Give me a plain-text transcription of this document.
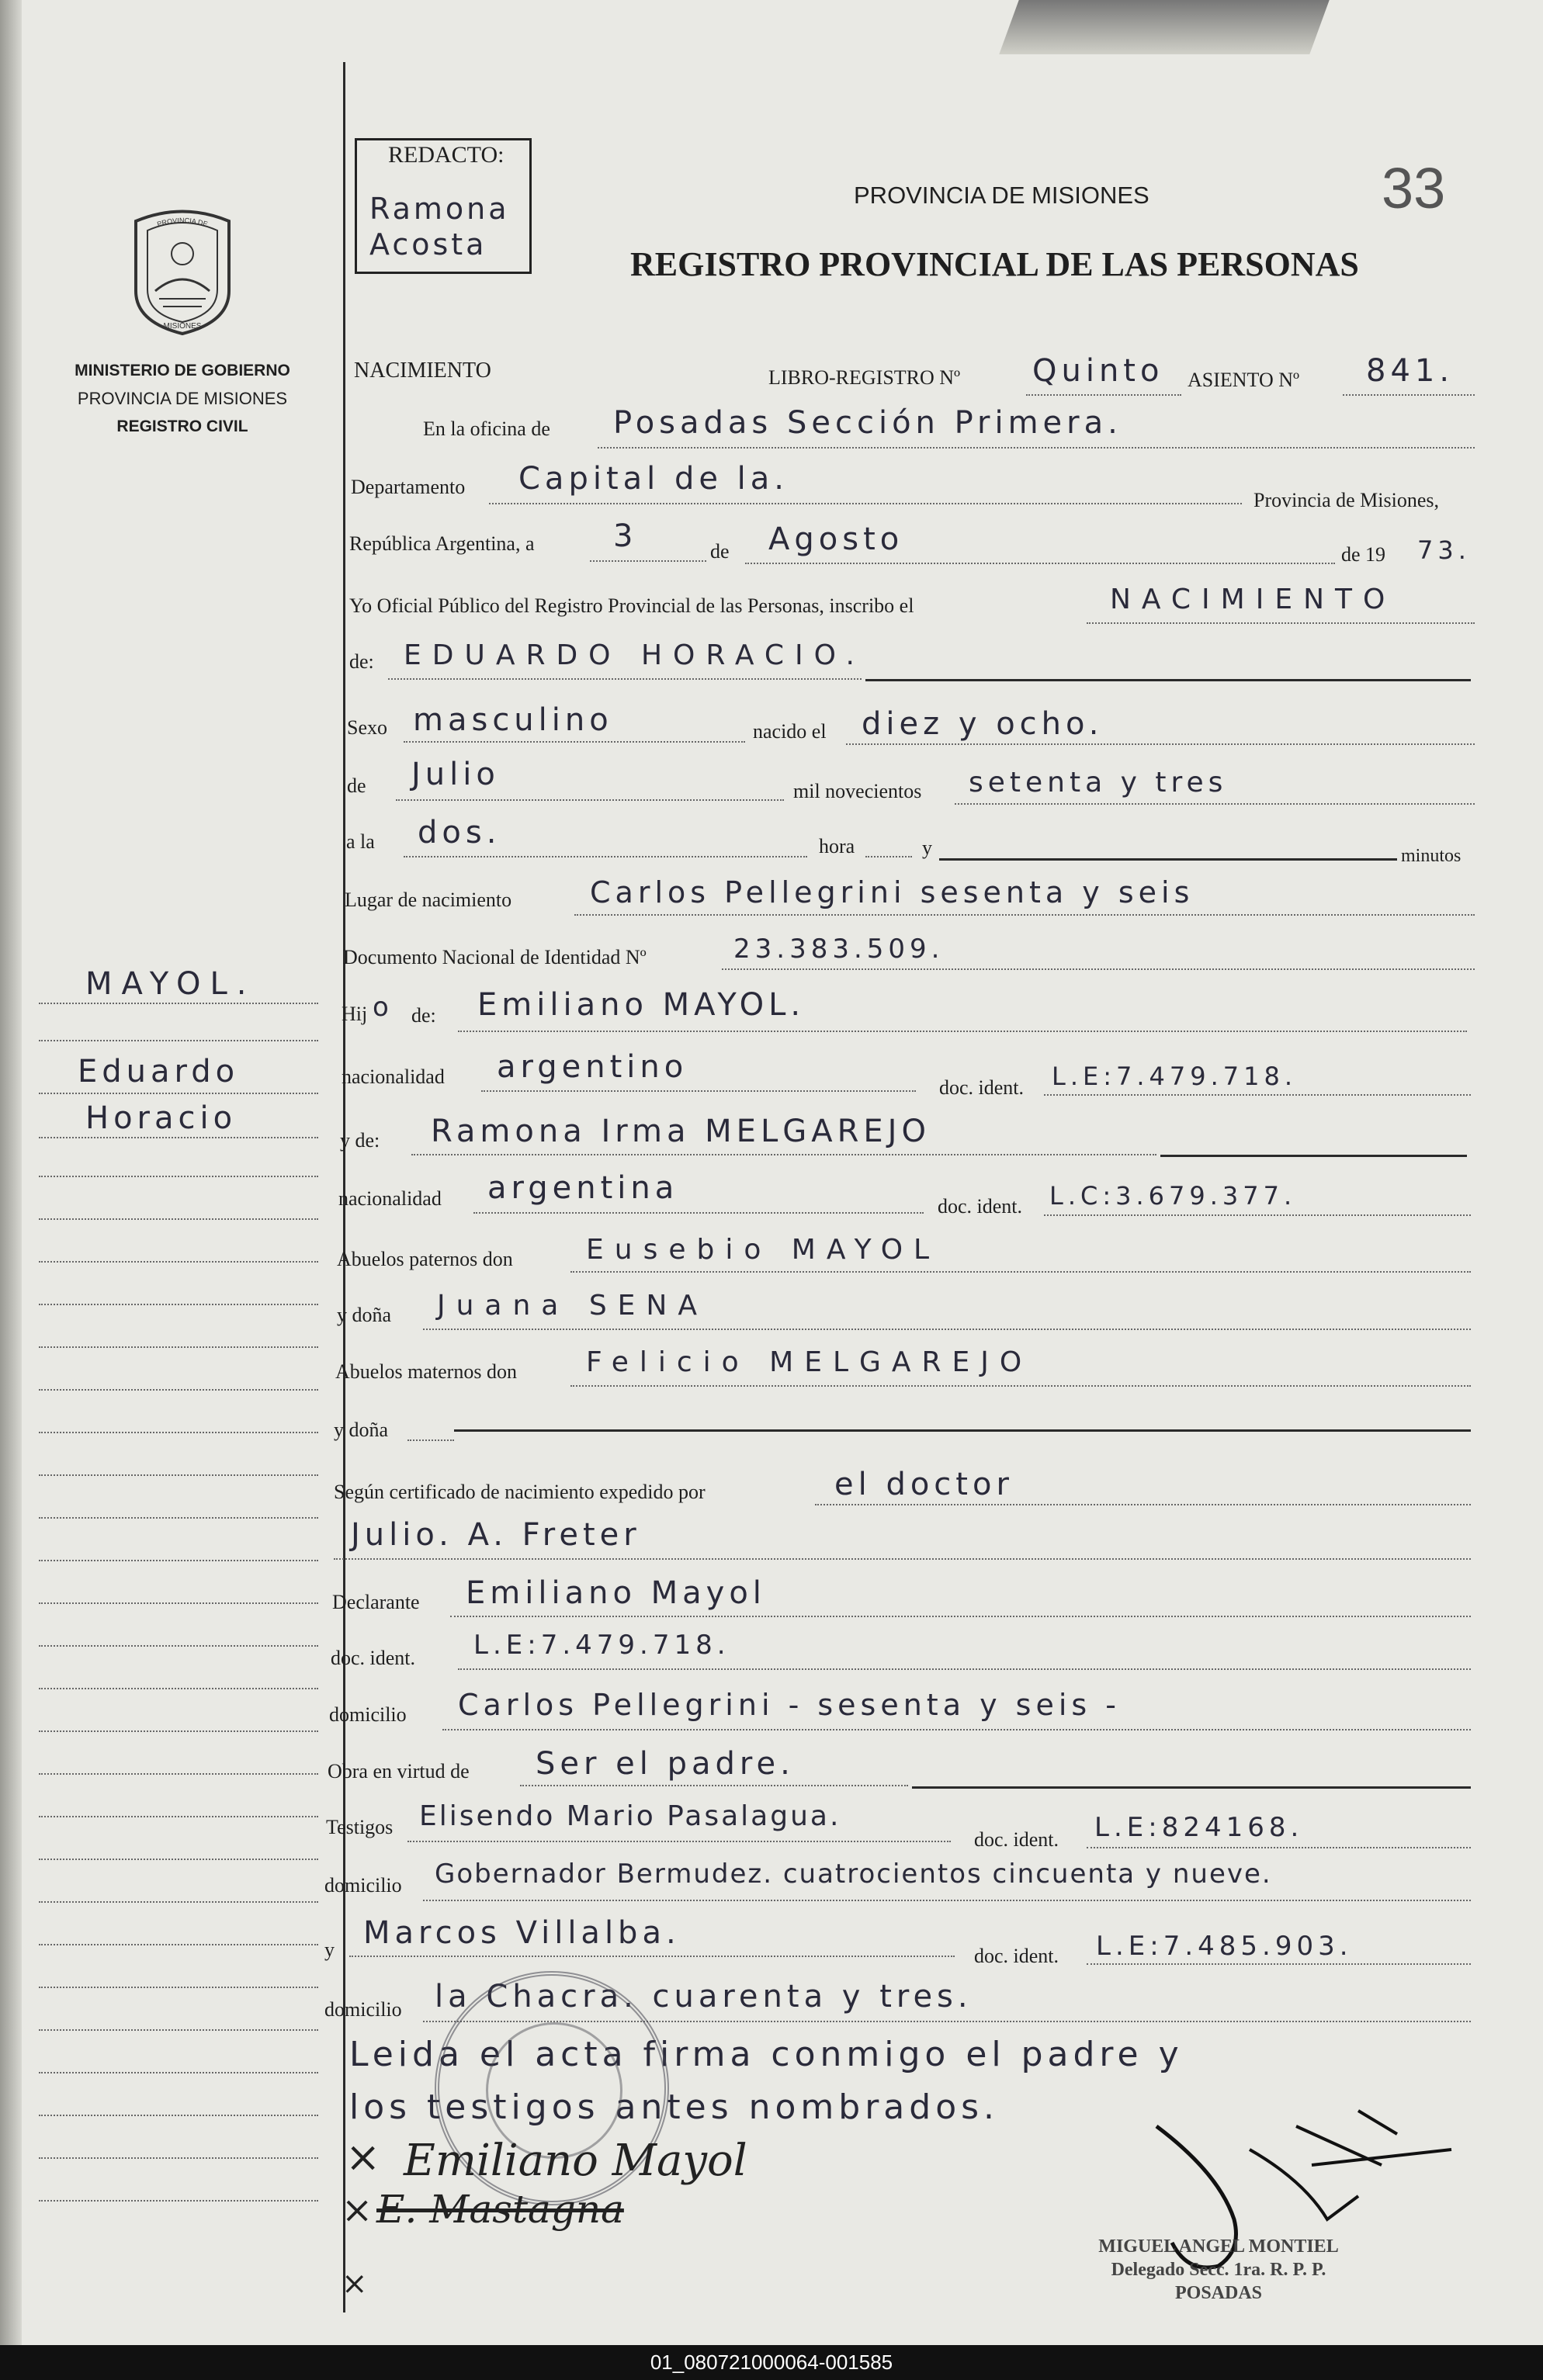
REDACTO:
Ramona
Acosta
PROVINCIA DE MISIONES
REGISTRO PROVINCIAL DE LAS PERSONAS
33
PROVINCIA DE
MISIONES
MINISTERIO DE GOBIERNO
PROVINCIA DE MISIONES
REGISTRO CIVIL
NACIMIENTO	LIBRO-REGISTRO Nº Quinto ASIENTO Nº 841.
En la oficina de Posadas Sección Primera.
Departamento Capital de la.
Provincia de Misiones,
República Argentina, a	3	de Agosto	de 19 73.
Yo Oficial Público del Registro Provincial de las Personas, inscribo el	NACIMIENTO
de: EDUARDO HORACIO.
Sexo masculino	nacido el diez y ocho.
de Julio	mil novecientos setenta y tres
a la dos.	hora	y	minutos
Lugar de nacimiento	Carlos Pellegrini sesenta y seis
Documento Nacional de Identidad Nº	23.383.509.
Hij o de: Emiliano MAYOL.
nacionalidad argentino
doc. ident. L.E:7.479.718.
y de: Ramona Irma MELGAREJO
nacionalidad argentina
doc. ident. L.C:3.679.377.
Abuelos paternos don	Eusebio MAYOL
y doña Juana SENA
Abuelos maternos don Felicio MELGAREJO
y doña
Según certificado de nacimiento expedido por	el doctor
Julio. A. Freter
Declarante Emiliano Mayol
doc. ident. L.E:7.479.718.
domicilio Carlos Pellegrini - sesenta y seis -
Obra en virtud de Ser el padre.
Testigos Elisendo Mario Pasalagua.
doc. ident. L.E:824168.
domicilio Gobernador Bermudez. cuatrocientos cincuenta y nueve.
y Marcos Villalba.
doc. ident. L.E:7.485.903.
domicilio la Chacra. cuarenta y tres.
Leida el acta firma conmigo el padre y
los testigos antes nombrados.
MAYOL.
Eduardo
Horacio
× Emiliano Mayol
× E. Mastagna
×
MIGUEL ANGEL MONTIEL
Delegado Secc. 1ra. R. P. P.
POSADAS
01_080721000064-001585
